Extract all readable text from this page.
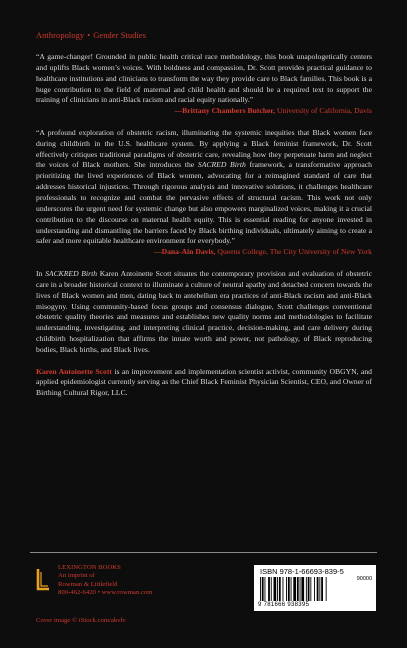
Anthropology • Gender Studies

“A game-changer! Grounded in public health critical race methodology, this book unapologetically centers and uplifts Black women’s voices. With boldness and compassion, Dr. Scott provides practical guidance to healthcare institutions and clinicians to transform the way they provide care to Black families. This book is a huge contribution to the field of maternal and child health and should be a required text to support the training of clinicians in anti-Black racism and racial equity nationally.”

—Brittany Chambers Butcher, University of California, Davis

“A profound exploration of obstetric racism, illuminating the systemic inequities that Black women face during childbirth in the U.S. healthcare system. By applying a Black feminist framework, Dr. Scott effectively critiques traditional paradigms of obstetric care, revealing how they perpetuate harm and neglect the voices of Black mothers. She introduces the SACRED Birth framework, a transformative approach prioritizing the lived experiences of Black women, advocating for a reimagined standard of care that addresses historical injustices. Through rigorous analysis and innovative solutions, it challenges healthcare professionals to recognize and combat the pervasive effects of structural racism. This work not only underscores the urgent need for systemic change but also empowers marginalized voices, making it a crucial contribution to the discourse on maternal health equity. This is essential reading for anyone invested in understanding and dismantling the barriers faced by Black birthing individuals, ultimately aiming to create a safer and more equitable healthcare environment for everybody.”

—Dana-Ain Davis, Queens College, The City University of New York

In SACKRED Birth Karen Antoinette Scott situates the contemporary provision and evaluation of obstetric care in a broader historical context to illuminate a culture of neutral apathy and detached concern towards the lives of Black women and men, dating back to antebellum era practices of anti-Black racism and anti-Black misogyny. Using community-based focus groups and consensus dialogue, Scott challenges conventional obstetric quality theories and measures and establishes new quality norms and methodologies to facilitate understanding, investigating, and interpreting clinical practice, decision-making, and care delivery during childbirth hospitalization that affirms the innate worth and power, not pathology, of Black reproducing bodies, Black births, and Black lives.
Karen Antoinette Scott is an improvement and implementation scientist activist, community OBGYN, and applied epidemiologist currently serving as the Chief Black Feminist Physician Scientist, CEO, and Owner of Birthing Cultural Rigor, LLC.
LEXINGTON BOOKS
An imprint of
Rowman & Littlefield
800-462-6420 • www.rowman.com
Cover image © iStock.com/akvlv
ISBN 978-1-66693-839-5
90000
9 781666 938395
